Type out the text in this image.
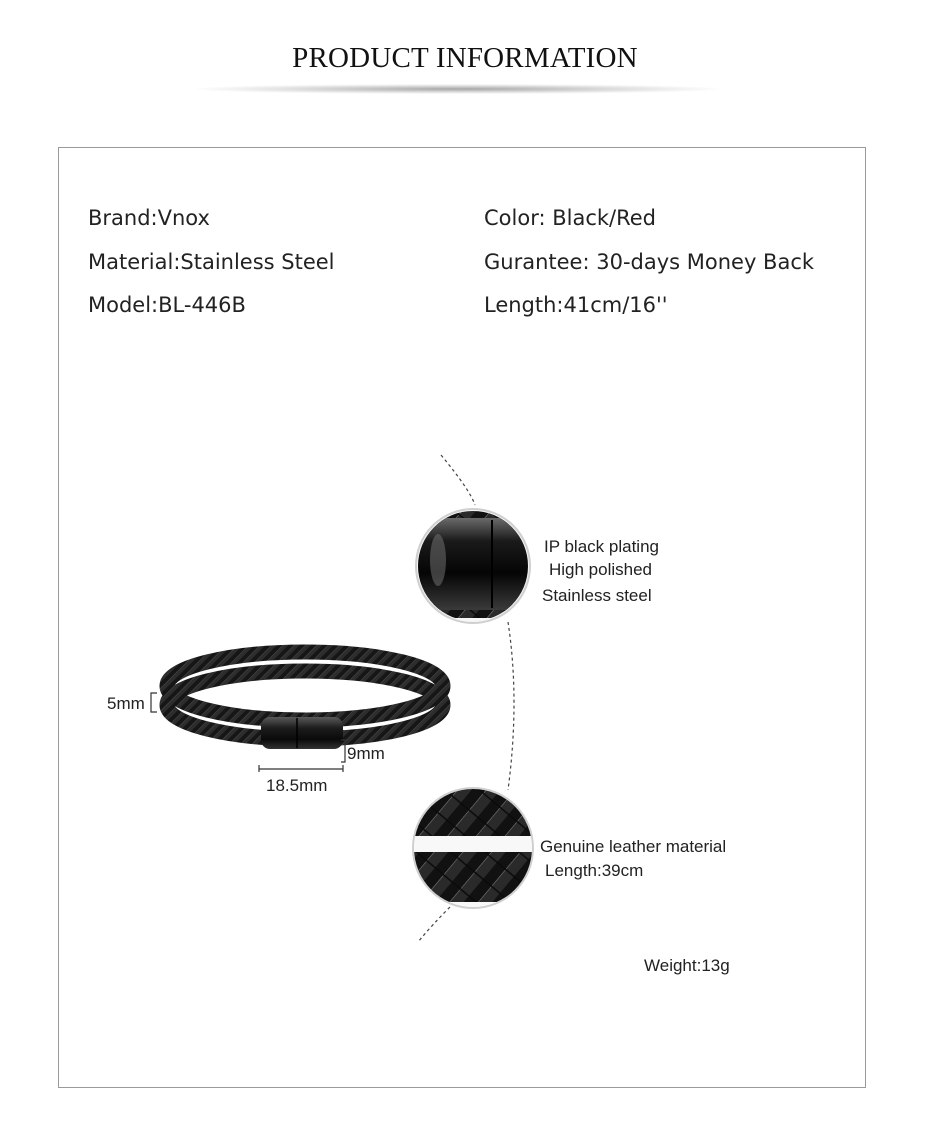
PRODUCT INFORMATION
Brand:Vnox
Material:Stainless Steel
Model:BL-446B
Color: Black/Red
Gurantee: 30-days Money Back
Length:41cm/16''
5mm
9mm
18.5mm
IP black plating
High polished
Stainless steel
Genuine leather material
Length:39cm
Weight:13g
